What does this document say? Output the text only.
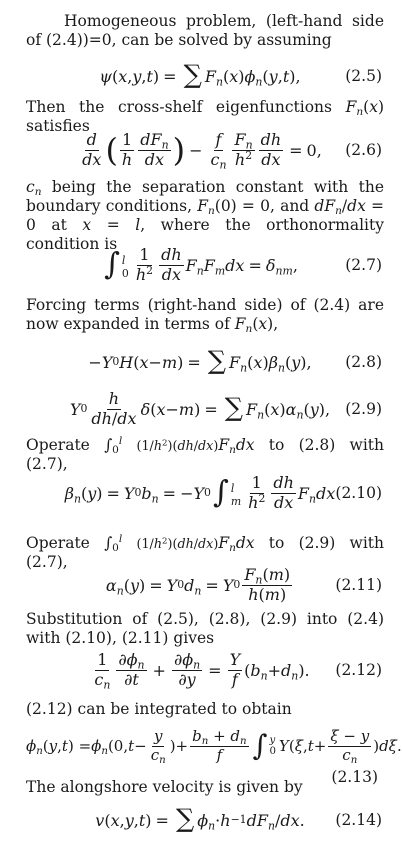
Homogeneous problem, (left-hand side of (2.4))=0, can be solved by assuming
ψ ( x , y , t ) = ∑ $F_n$ ( x ) $\phi_n$ ( y , t ),	(2.5)
Then the cross-shelf eigenfunctions $F_n(x)$ satisfies
$\frac{d}{dx}$ ( $\frac{1}{h} \frac{dF_n}{dx}$ ) − $\frac{f}{c_n} \frac{F_n}{h^2} \frac{dh}{dx} = 0$,	(2.6)
$c_n$ being the separation constant with the boundary conditions, $F_n(0) = 0$, and $dF_n/dx = 0$ at x = l, where the orthonormality condition is
∫ l
$0 \frac{1}{h^2} \frac{dh}{dx} F_nF_mdx = \delta_{nm}$ ,	(2.7)
Forcing terms (right-hand side) of (2.4) are now expanded in terms of $F_n(x)$,
− Y 0 H ( x − m ) = ∑ $F_n$ ( x ) $\beta_n$ ( y ),	(2.8)
Y $0 \frac{h}{dh/dx}$ δ ( x − m ) = ∑ $F_n$ ( x ) $\alpha_n$ ( y ), (2.9)
Operate $\int_0^l$ $(1/h^2)(dh/dx)F_ndx$ to (2.8) with (2.7),
$\beta_n$ ( y ) = Y 0 $b_n$ = − Y 0 ∫ l
m $\frac{1}{h^2} \frac{dh}{dx} F_ndx$ (2.10)
Operate $\int_0^l$ $(1/h^2)(dh/dx)F_ndx$ to (2.9) with (2.7),
$\alpha_n$ ( y ) = Y 0 $d_n = Y$ $0 \frac{F_n(m)}{h(m)}$	(2.11)
Substitution of (2.5), (2.8), (2.9) into (2.4) with (2.10), (2.11) gives
$\frac{1}{c_n} \frac{\partial\phi_n}{\partial t} + \frac{\partial\phi_n}{\partial y} = \frac{Y}{f}$ ( $b_n + d_n$ ).	(2.12)
(2.12) can be integrated to obtain
$\phi_n$ ( y , t ) = $\phi_n$ (0, $t - \frac{y}{c_n}$ )+ $\frac{b_n + d_n}{f}$ ∫ y
0 Y ( ξ , $t + \frac{\xi - y}{c_n}$ ) dξ .
(2.13)
The alongshore velocity is given by
v ( x , y , t ) = ∑ $\phi_n \cdot h -1$ $dF_n$ / dx .	(2.14)
